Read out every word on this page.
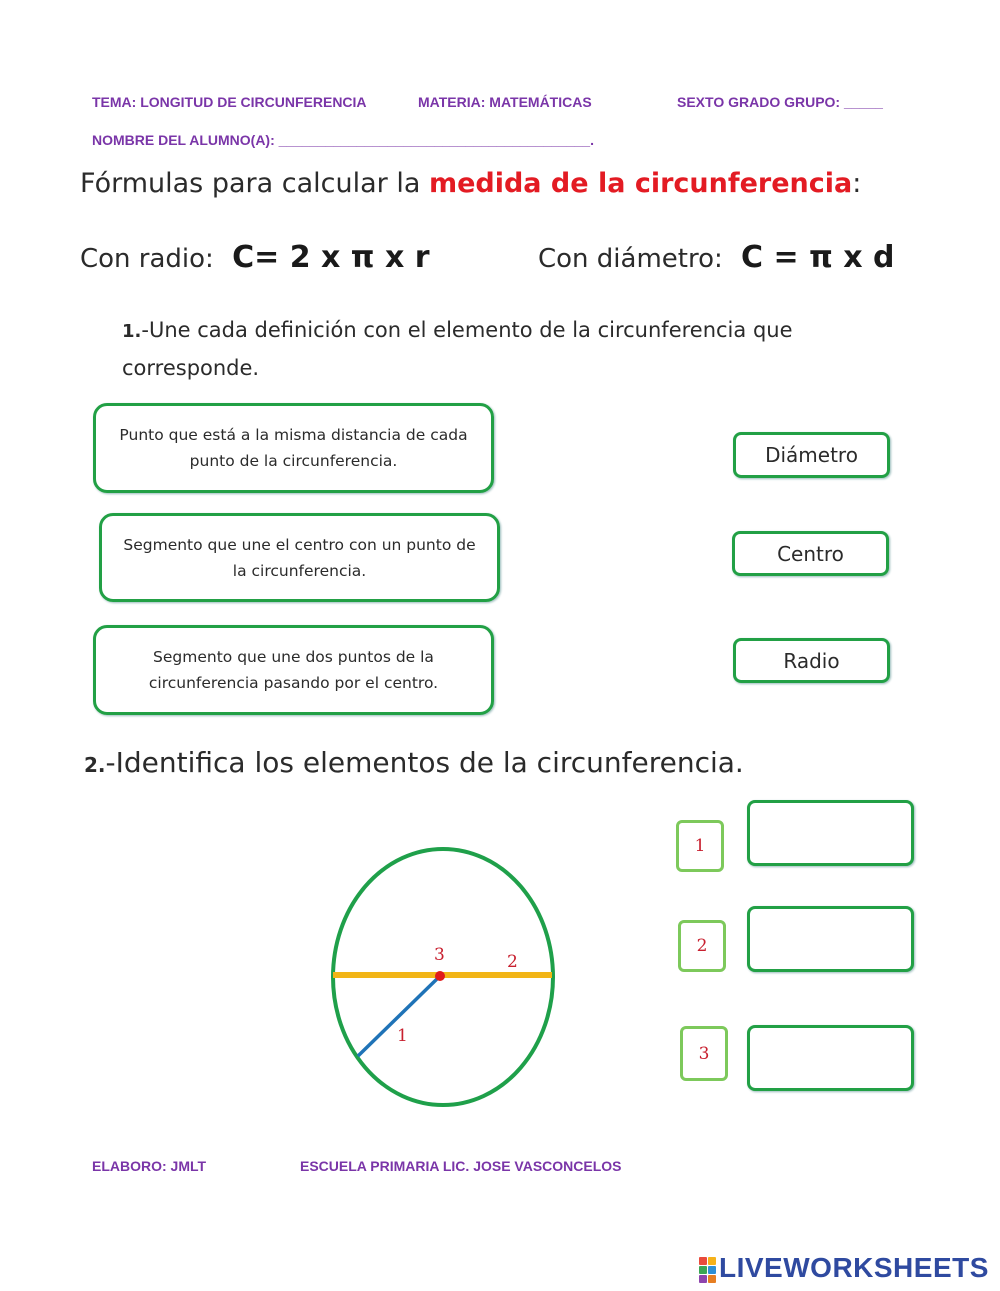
TEMA: LONGITUD DE CIRCUNFERENCIA	MATERIA: MATEMÁTICAS	SEXTO GRADO GRUPO: _____
NOMBRE DEL ALUMNO(A): ________________________________________.
Fórmulas para calcular la medida de la circunferencia:
Con radio: C= 2 x π x r	Con diámetro: C = π x d
1.-Une cada definición con el elemento de la circunferencia que corresponde.
Punto que está a la misma distancia de cada punto de la circunferencia.
Segmento que une el centro con un punto de la circunferencia.
Segmento que une dos puntos de la circunferencia pasando por el centro.
Diámetro
Centro
Radio
2.-Identifica los elementos de la circunferencia.
3	2
1
1
2
3
ELABORO: JMLT	ESCUELA PRIMARIA LIC. JOSE VASCONCELOS
LIVEWORKSHEETS
